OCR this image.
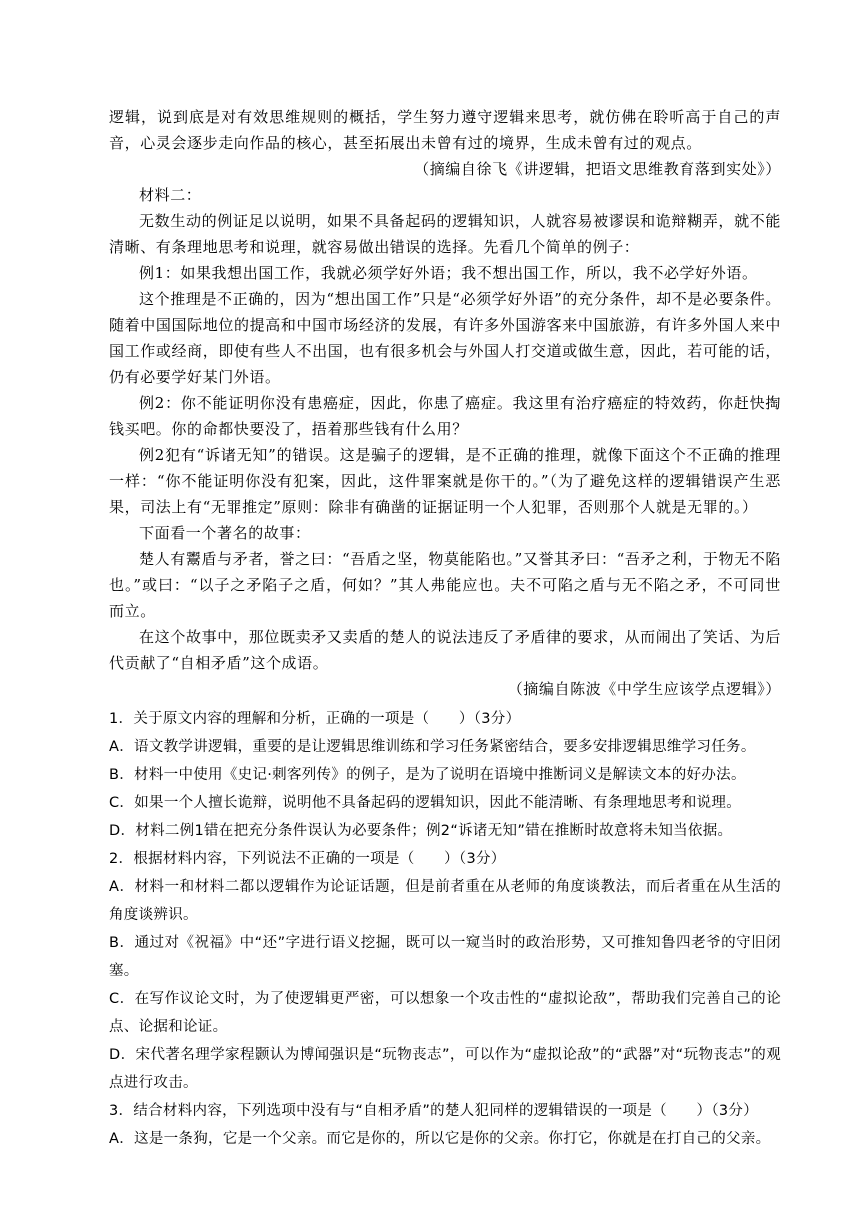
逻辑，说到底是对有效思维规则的概括，学生努力遵守逻辑来思考，就仿佛在聆听高于自己的声音，心灵会逐步走向作品的核心，甚至拓展出未曾有过的境界，生成未曾有过的观点。

（摘编自徐飞《讲逻辑，把语文思维教育落到实处》）

材料二：

无数生动的例证足以说明，如果不具备起码的逻辑知识，人就容易被谬误和诡辩糊弄，就不能清晰、有条理地思考和说理，就容易做出错误的选择。先看几个简单的例子：

例1：如果我想出国工作，我就必须学好外语；我不想出国工作，所以，我不必学好外语。

这个推理是不正确的，因为“想出国工作”只是“必须学好外语”的充分条件，却不是必要条件。随着中国国际地位的提高和中国市场经济的发展，有许多外国游客来中国旅游，有许多外国人来中国工作或经商，即使有些人不出国，也有很多机会与外国人打交道或做生意，因此，若可能的话，仍有必要学好某门外语。

例2：你不能证明你没有患癌症，因此，你患了癌症。我这里有治疗癌症的特效药，你赶快掏钱买吧。你的命都快要没了，捂着那些钱有什么用？

例2犯有“诉诸无知”的错误。这是骗子的逻辑，是不正确的推理，就像下面这个不正确的推理一样：“你不能证明你没有犯案，因此，这件罪案就是你干的。”（为了避免这样的逻辑错误产生恶果，司法上有“无罪推定”原则：除非有确凿的证据证明一个人犯罪，否则那个人就是无罪的。）

下面看一个著名的故事：

楚人有鬻盾与矛者，誉之曰：“吾盾之坚，物莫能陷也。”又誉其矛曰：“吾矛之利，于物无不陷也。”或曰：“以子之矛陷子之盾，何如？”其人弗能应也。夫不可陷之盾与无不陷之矛，不可同世而立。

在这个故事中，那位既卖矛又卖盾的楚人的说法违反了矛盾律的要求，从而闹出了笑话、为后代贡献了“自相矛盾”这个成语。

（摘编自陈波《中学生应该学点逻辑》）

1．关于原文内容的理解和分析，正确的一项是（　　）（3分）
A．语文教学讲逻辑，重要的是让逻辑思维训练和学习任务紧密结合，要多安排逻辑思维学习任务。
B．材料一中使用《史记·刺客列传》的例子，是为了说明在语境中推断词义是解读文本的好办法。
C．如果一个人擅长诡辩，说明他不具备起码的逻辑知识，因此不能清晰、有条理地思考和说理。
D．材料二例1错在把充分条件误认为必要条件；例2“诉诸无知”错在推断时故意将未知当依据。
2．根据材料内容，下列说法不正确的一项是（　　）（3分）
A．材料一和材料二都以逻辑作为论证话题，但是前者重在从老师的角度谈教法，而后者重在从生活的角度谈辨识。
B．通过对《祝福》中“还”字进行语义挖掘，既可以一窥当时的政治形势，又可推知鲁四老爷的守旧闭塞。
C．在写作议论文时，为了使逻辑更严密，可以想象一个攻击性的“虚拟论敌”，帮助我们完善自己的论点、论据和论证。
D．宋代著名理学家程颢认为博闻强识是“玩物丧志”，可以作为“虚拟论敌”的“武器”对“玩物丧志”的观点进行攻击。
3．结合材料内容，下列选项中没有与“自相矛盾”的楚人犯同样的逻辑错误的一项是（　　）（3分）
A．这是一条狗，它是一个父亲。而它是你的，所以它是你的父亲。你打它，你就是在打自己的父亲。
